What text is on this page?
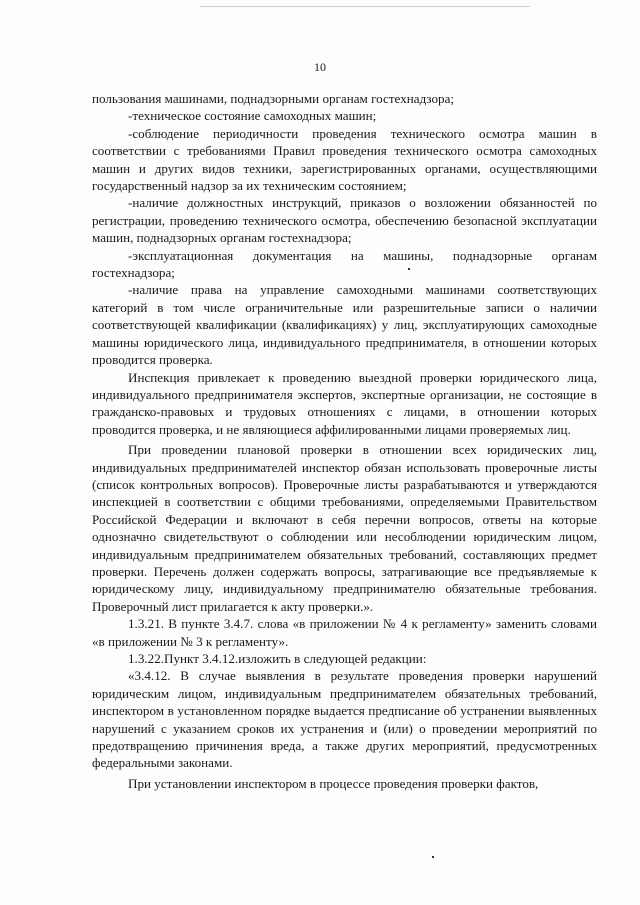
10

пользования машинами, поднадзорными органам гостехнадзора;

-техническое состояние самоходных машин;

-соблюдение периодичности проведения технического осмотра машин в соответствии с требованиями Правил проведения технического осмотра самоходных машин и других видов техники, зарегистрированных органами, осуществляющими государственный надзор за их техническим состоянием;

-наличие должностных инструкций, приказов о возложении обязанностей по регистрации, проведению технического осмотра, обеспечению безопасной эксплуатации машин, поднадзорных органам гостехнадзора;

-эксплуатационная документация на машины, поднадзорные органам гостехнадзора;

-наличие права на управление самоходными машинами соответствующих категорий в том числе ограничительные или разрешительные записи о наличии соответствующей квалификации (квалификациях) у лиц, эксплуатирующих самоходные машины юридического лица, индивидуального предпринимателя, в отношении которых проводится проверка.

Инспекция привлекает к проведению выездной проверки юридического лица, индивидуального предпринимателя экспертов, экспертные организации, не состоящие в гражданско-правовых и трудовых отношениях с лицами, в отношении которых проводится проверка, и не являющиеся аффилированными лицами проверяемых лиц.

При проведении плановой проверки в отношении всех юридических лиц, индивидуальных предпринимателей инспектор обязан использовать проверочные листы (список контрольных вопросов). Проверочные листы разрабатываются и утверждаются инспекцией в соответствии с общими требованиями, определяемыми Правительством Российской Федерации и включают в себя перечни вопросов, ответы на которые однозначно свидетельствуют о соблюдении или несоблюдении юридическим лицом, индивидуальным предпринимателем обязательных требований, составляющих предмет проверки. Перечень должен содержать вопросы, затрагивающие все предъявляемые к юридическому лицу, индивидуальному предпринимателю обязательные требования. Проверочный лист прилагается к акту проверки.».

1.3.21. В пункте 3.4.7. слова «в приложении № 4 к регламенту» заменить словами «в приложении № 3 к регламенту».

1.3.22.Пункт 3.4.12.изложить в следующей редакции:

«3.4.12. В случае выявления в результате проведения проверки нарушений юридическим лицом, индивидуальным предпринимателем обязательных требований, инспектором в установленном порядке выдается предписание об устранении выявленных нарушений с указанием сроков их устранения и (или) о проведении мероприятий по предотвращению причинения вреда, а также других мероприятий, предусмотренных федеральными законами.

При установлении инспектором в процессе проведения проверки фактов,
